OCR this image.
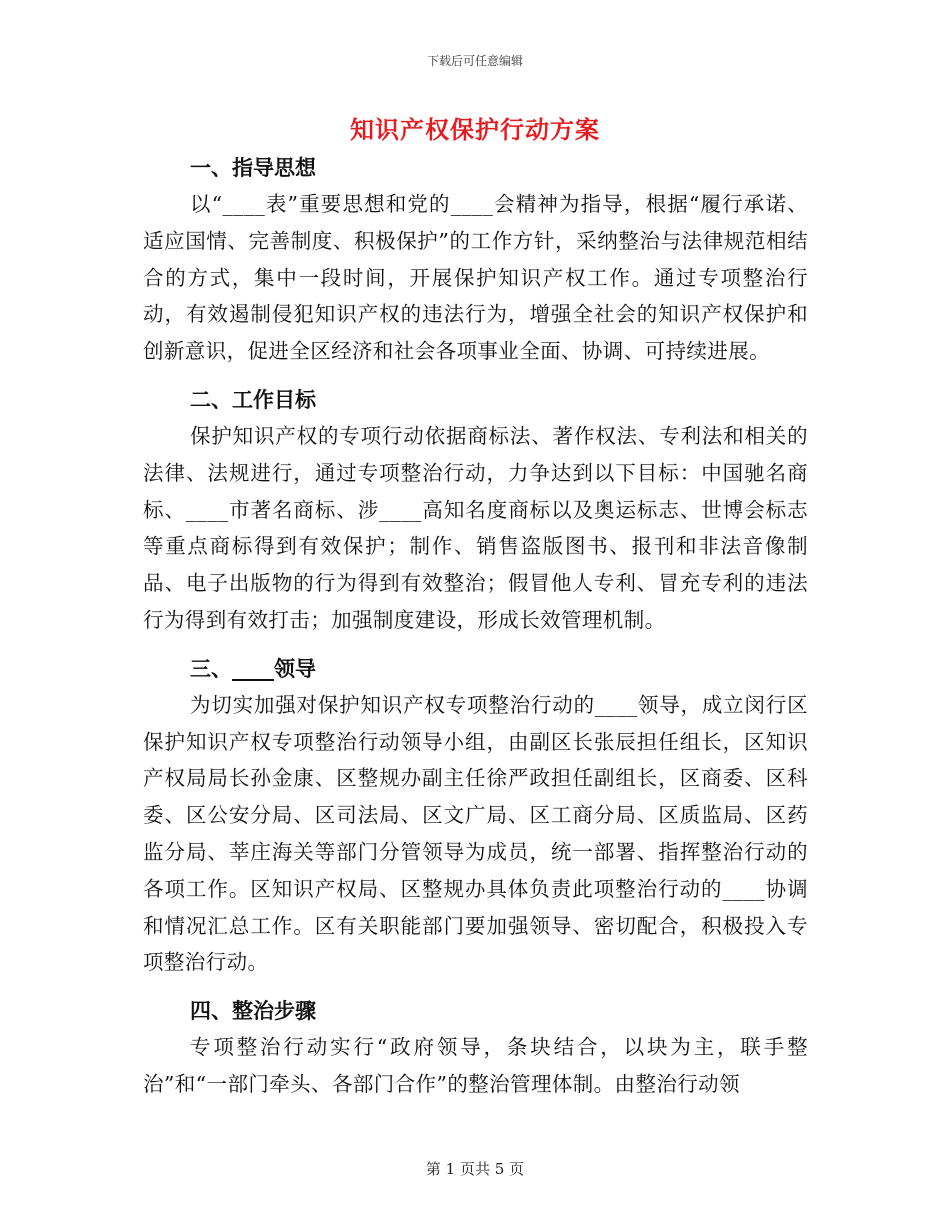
下载后可任意编辑
知识产权保护行动方案
一、指导思想

以“____表”重要思想和党的____会精神为指导，根据“履行承诺、适应国情、完善制度、积极保护”的工作方针，采纳整治与法律规范相结合的方式，集中一段时间，开展保护知识产权工作。通过专项整治行动，有效遏制侵犯知识产权的违法行为，增强全社会的知识产权保护和创新意识，促进全区经济和社会各项事业全面、协调、可持续进展。

二、工作目标

保护知识产权的专项行动依据商标法、著作权法、专利法和相关的法律、法规进行，通过专项整治行动，力争达到以下目标：中国驰名商标、____市著名商标、涉____高知名度商标以及奥运标志、世博会标志等重点商标得到有效保护；制作、销售盗版图书、报刊和非法音像制品、电子出版物的行为得到有效整治；假冒他人专利、冒充专利的违法行为得到有效打击；加强制度建设，形成长效管理机制。

三、____领导

为切实加强对保护知识产权专项整治行动的____领导，成立闵行区保护知识产权专项整治行动领导小组，由副区长张辰担任组长，区知识产权局局长孙金康、区整规办副主任徐严政担任副组长，区商委、区科委、区公安分局、区司法局、区文广局、区工商分局、区质监局、区药监分局、莘庄海关等部门分管领导为成员，统一部署、指挥整治行动的各项工作。区知识产权局、区整规办具体负责此项整治行动的____协调和情况汇总工作。区有关职能部门要加强领导、密切配合，积极投入专项整治行动。

四、整治步骤

专项整治行动实行“政府领导，条块结合，以块为主，联手整治”和“一部门牵头、各部门合作”的整治管理体制。由整治行动领

第 1 页共 5 页
